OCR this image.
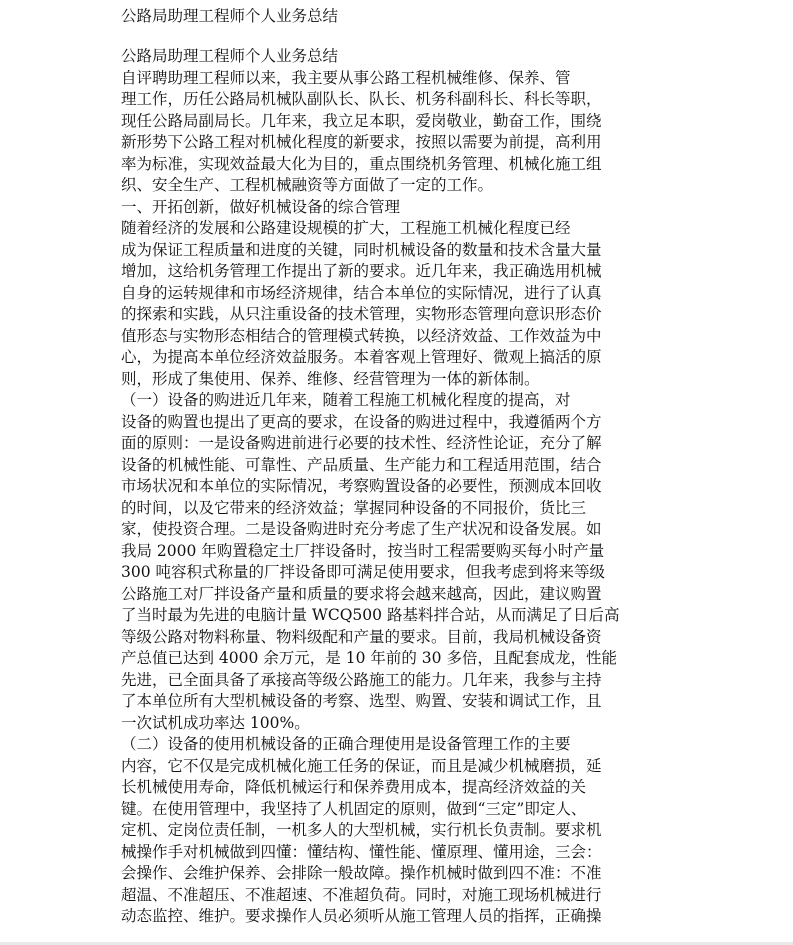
公路局助理工程师个人业务总结
公路局助理工程师个人业务总结
自评聘助理工程师以来，我主要从事公路工程机械维修、保养、管
理工作，历任公路局机械队副队长、队长、机务科副科长、科长等职，
现任公路局副局长。几年来，我立足本职，爱岗敬业，勤奋工作，围绕
新形势下公路工程对机械化程度的新要求，按照以需要为前提，高利用
率为标准，实现效益最大化为目的，重点围绕机务管理、机械化施工组
织、安全生产、工程机械融资等方面做了一定的工作。
一、开拓创新，做好机械设备的综合管理
随着经济的发展和公路建设规模的扩大，工程施工机械化程度已经
成为保证工程质量和进度的关键，同时机械设备的数量和技术含量大量
增加，这给机务管理工作提出了新的要求。近几年来，我正确选用机械
自身的运转规律和市场经济规律，结合本单位的实际情况，进行了认真
的探索和实践，从只注重设备的技术管理，实物形态管理向意识形态价
值形态与实物形态相结合的管理模式转换，以经济效益、工作效益为中
心，为提高本单位经济效益服务。本着客观上管理好、微观上搞活的原
则，形成了集使用、保养、维修、经营管理为一体的新体制。
（一）设备的购进近几年来，随着工程施工机械化程度的提高，对
设备的购置也提出了更高的要求，在设备的购进过程中，我遵循两个方
面的原则：一是设备购进前进行必要的技术性、经济性论证，充分了解
设备的机械性能、可靠性、产品质量、生产能力和工程适用范围，结合
市场状况和本单位的实际情况，考察购置设备的必要性，预测成本回收
的时间，以及它带来的经济效益；掌握同种设备的不同报价，货比三
家，使投资合理。二是设备购进时充分考虑了生产状况和设备发展。如
我局 2000 年购置稳定土厂拌设备时，按当时工程需要购买每小时产量
300 吨容积式称量的厂拌设备即可满足使用要求，但我考虑到将来等级
公路施工对厂拌设备产量和质量的要求将会越来越高，因此，建议购置
了当时最为先进的电脑计量 WCQ500 路基料拌合站，从而满足了日后高
等级公路对物料称量、物料级配和产量的要求。目前，我局机械设备资
产总值已达到 4000 余万元，是 10 年前的 30 多倍，且配套成龙，性能
先进，已全面具备了承接高等级公路施工的能力。几年来，我参与主持
了本单位所有大型机械设备的考察、选型、购置、安装和调试工作，且
一次试机成功率达 100%。
（二）设备的使用机械设备的正确合理使用是设备管理工作的主要
内容，它不仅是完成机械化施工任务的保证，而且是减少机械磨损，延
长机械使用寿命，降低机械运行和保养费用成本，提高经济效益的关
键。在使用管理中，我坚持了人机固定的原则，做到“三定”即定人、
定机、定岗位责任制，一机多人的大型机械，实行机长负责制。要求机
械操作手对机械做到四懂：懂结构、懂性能、懂原理、懂用途，三会：
会操作、会维护保养、会排除一般故障。操作机械时做到四不准：不准
超温、不准超压、不准超速、不准超负荷。同时，对施工现场机械进行
动态监控、维护。要求操作人员必须听从施工管理人员的指挥，正确操
